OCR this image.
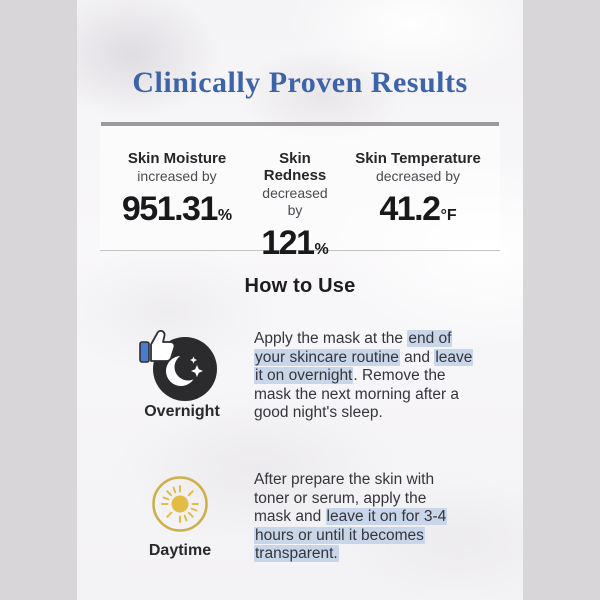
Clinically Proven Results
Skin Moisture
increased by
951.31%
Skin Redness
decreased by
121%
Skin Temperature
decreased by
41.2°F
How to Use
Overnight
Apply the mask at the end of
your skincare routine and leave
it on overnight. Remove the
mask the next morning after a
good night's sleep.
Daytime
After prepare the skin with
toner or serum, apply the
mask and leave it on for 3-4
hours or until it becomes
transparent.
